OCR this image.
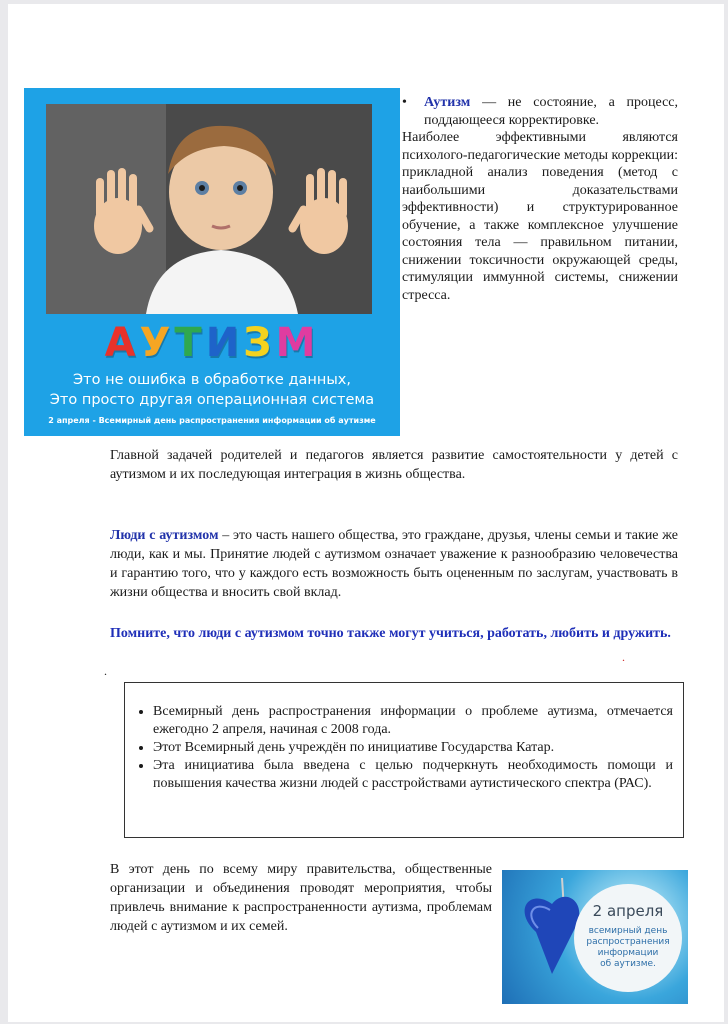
АУТИЗМ
Это не ошибка в обработке данных,
Это просто другая операционная система
2 апреля - Всемирный день распространения информации об аутизме
•	Аутизм — не состояние, а процесс, поддающееся корректировке.
Наиболее эффективными являются психолого-педагогические методы коррекции: прикладной анализ поведения (метод с наибольшими доказательствами эффективности) и структурированное обучение, а также комплексное улучшение состояния тела — правильном питании, снижении токсичности окружающей среды, стимуляции иммунной системы, снижении стресса.
Главной задачей родителей и педагогов является развитие самостоятельности у детей с аутизмом и их последующая интеграция в жизнь общества.
Люди с аутизмом – это часть нашего общества, это граждане, друзья, члены семьи и такие же люди, как и мы. Принятие людей с аутизмом означает уважение к разнообразию человечества и гарантию того, что у каждого есть возможность быть оцененным по заслугам, участвовать в жизни общества и вносить свой вклад.
Помните, что люди с аутизмом точно также могут учиться, работать, любить и дружить.
.
.
• Всемирный день распространения информации о проблеме аутизма, отмечается ежегодно 2 апреля, начиная с 2008 года.
• Этот Всемирный день учреждён по инициативе Государства Катар.
• Эта инициатива была введена с целью подчеркнуть необходимость помощи и повышения качества жизни людей с расстройствами аутистического спектра (РАС).
В этот день по всему миру правительства, общественные организации и объединения проводят мероприятия, чтобы привлечь внимание к распространенности аутизма, проблемам людей с аутизмом и их семей.
2 апреля
всемирный день
распространения
информации
об аутизме.
